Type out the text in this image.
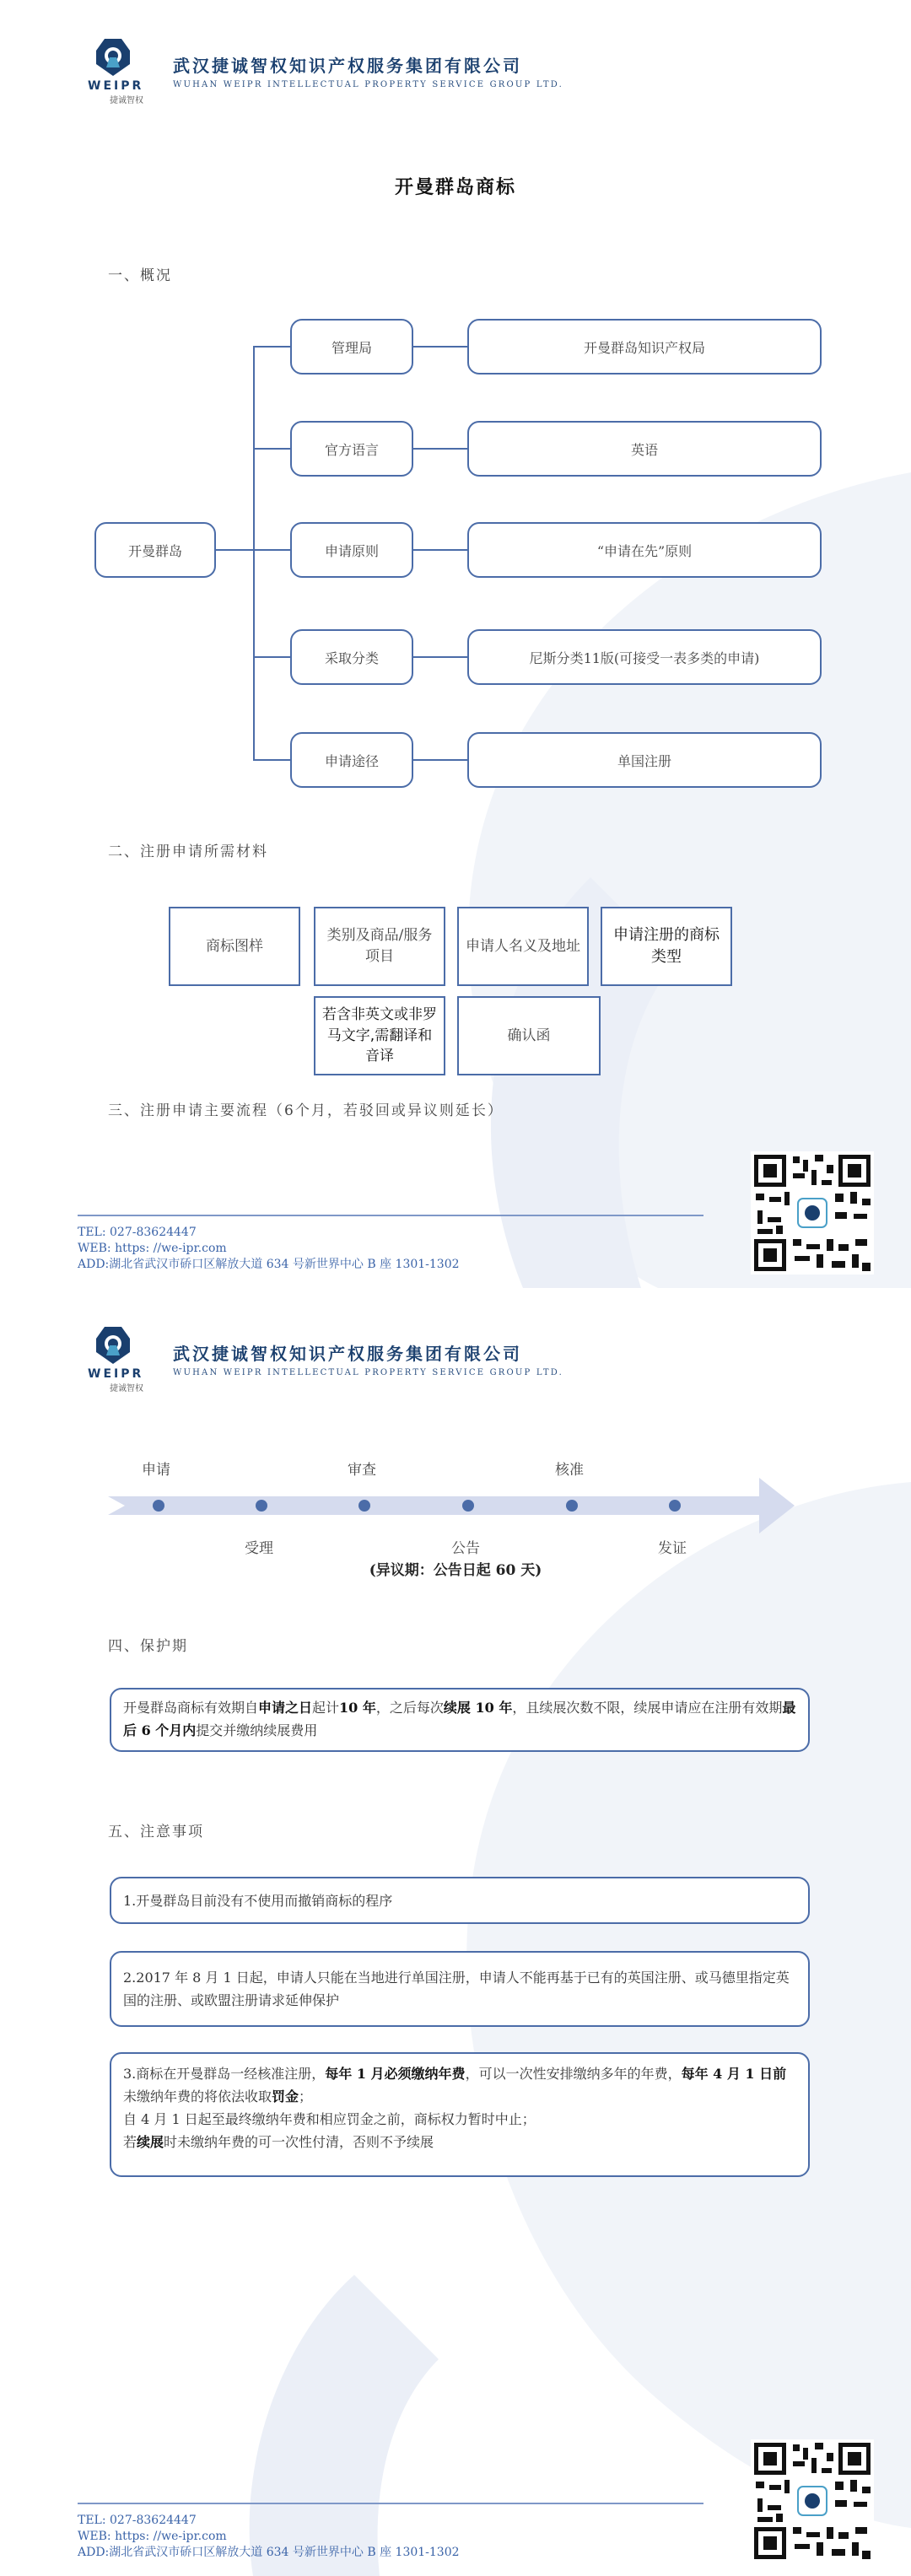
WEIPR
捷诚智权
武汉捷诚智权知识产权服务集团有限公司
WUHAN WEIPR INTELLECTUAL PROPERTY SERVICE GROUP LTD.
开曼群岛商标
一、概况
开曼群岛
管理局	开曼群岛知识产权局
官方语言	英语
申请原则	“申请在先”原则
采取分类	尼斯分类11版(可接受一表多类的申请)
申请途径	单国注册
二、注册申请所需材料
商标图样
类别及商品/服务项目
申请人名义及地址
申请注册的商标类型
若含非英文或非罗马文字,需翻译和音译
确认函
三、注册申请主要流程（6个月，若驳回或异议则延长）
TEL: 027-83624447
WEB: https: //we-ipr.com
ADD:湖北省武汉市硚口区解放大道 634 号新世界中心 B 座 1301-1302
WEIPR
捷诚智权
武汉捷诚智权知识产权服务集团有限公司
WUHAN WEIPR INTELLECTUAL PROPERTY SERVICE GROUP LTD.
申请	审查	核准
受理	公告	发证
(异议期：公告日起 60 天)
四、保护期
开曼群岛商标有效期自申请之日起计10 年，之后每次续展 10 年，且续展次数不限，续展申请应在注册有效期最后 6 个月内提交并缴纳续展费用
五、注意事项
1.开曼群岛目前没有不使用而撤销商标的程序
2.2017 年 8 月 1 日起，申请人只能在当地进行单国注册，申请人不能再基于已有的英国注册、或马德里指定英国的注册、或欧盟注册请求延伸保护
3.商标在开曼群岛一经核准注册，每年 1 月必须缴纳年费，可以一次性安排缴纳多年的年费，每年 4 月 1 日前未缴纳年费的将依法收取罚金；
自 4 月 1 日起至最终缴纳年费和相应罚金之前，商标权力暂时中止；
若续展时未缴纳年费的可一次性付清，否则不予续展
TEL: 027-83624447
WEB: https: //we-ipr.com
ADD:湖北省武汉市硚口区解放大道 634 号新世界中心 B 座 1301-1302
